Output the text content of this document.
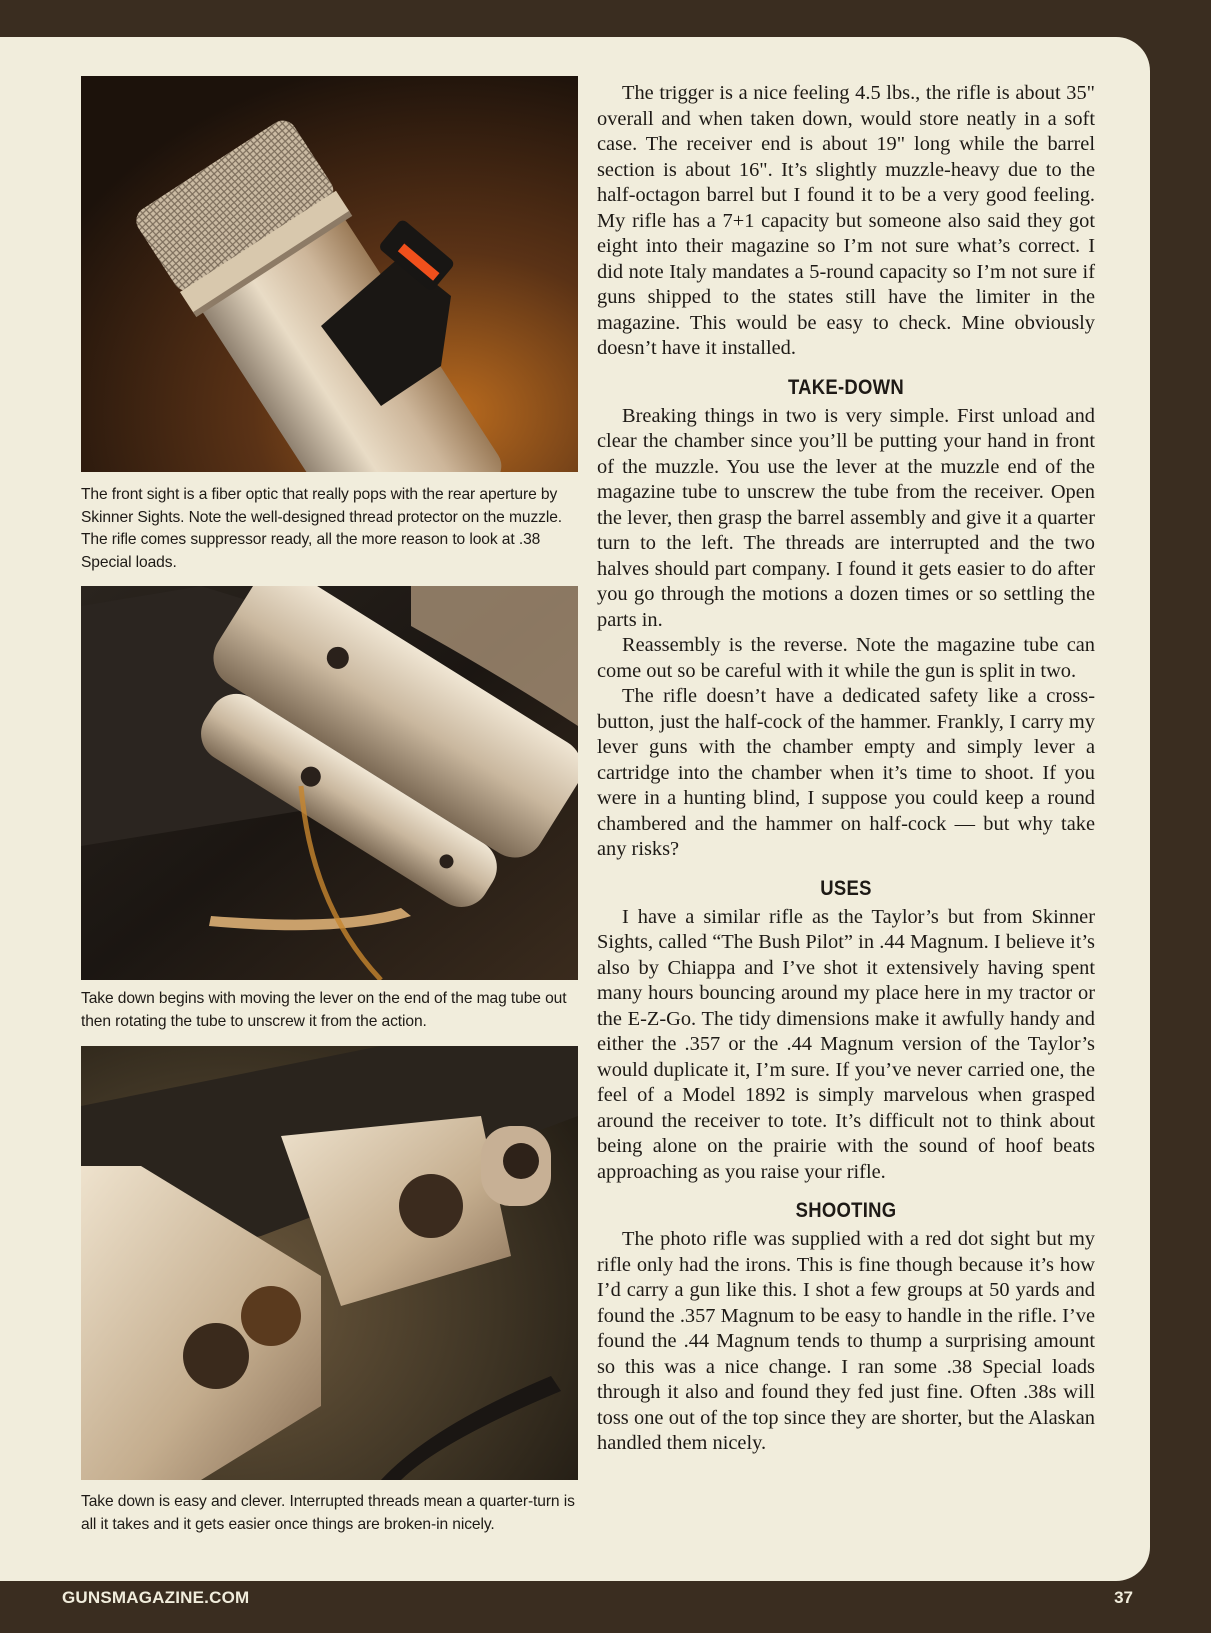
The front sight is a fiber optic that really pops with the rear aperture by Skinner Sights. Note the well-designed thread protector on the muzzle. The rifle comes suppressor ready, all the more reason to look at .38 Special loads.
Take down begins with moving the lever on the end of the mag tube out then rotating the tube to unscrew it from the action.
Take down is easy and clever. Interrupted threads mean a quarter-turn is all it takes and it gets easier once things are broken-in nicely.

The trigger is a nice feeling 4.5 lbs., the rifle is about 35" overall and when taken down, would store neatly in a soft case. The receiver end is about 19" long while the barrel section is about 16". It’s slightly muzzle-heavy due to the half-octagon barrel but I found it to be a very good feeling. My rifle has a 7+1 capacity but someone also said they got eight into their magazine so I’m not sure what’s correct. I did note Italy mandates a 5-round capacity so I’m not sure if guns shipped to the states still have the limiter in the magazine. This would be easy to check. Mine obviously doesn’t have it installed.

TAKE-DOWN

Breaking things in two is very simple. First unload and clear the chamber since you’ll be putting your hand in front of the muzzle. You use the lever at the muzzle end of the magazine tube to unscrew the tube from the receiver. Open the lever, then grasp the barrel assembly and give it a quarter turn to the left. The threads are interrupted and the two halves should part company. I found it gets easier to do after you go through the motions a dozen times or so settling the parts in.

Reassembly is the reverse. Note the magazine tube can come out so be careful with it while the gun is split in two.

The rifle doesn’t have a dedicated safety like a cross-button, just the half-cock of the hammer. Frankly, I carry my lever guns with the chamber empty and simply lever a cartridge into the chamber when it’s time to shoot. If you were in a hunting blind, I suppose you could keep a round chambered and the hammer on half-cock — but why take any risks?

USES

I have a similar rifle as the Taylor’s but from Skinner Sights, called “The Bush Pilot” in .44 Magnum. I believe it’s also by Chiappa and I’ve shot it extensively having spent many hours bouncing around my place here in my tractor or the E-Z-Go. The tidy dimensions make it awfully handy and either the .357 or the .44 Magnum version of the Taylor’s would duplicate it, I’m sure. If you’ve never carried one, the feel of a Model 1892 is simply marvelous when grasped around the receiver to tote. It’s difficult not to think about being alone on the prairie with the sound of hoof beats approaching as you raise your rifle.

SHOOTING

The photo rifle was supplied with a red dot sight but my rifle only had the irons. This is fine though because it’s how I’d carry a gun like this. I shot a few groups at 50 yards and found the .357 Magnum to be easy to handle in the rifle. I’ve found the .44 Magnum tends to thump a surprising amount so this was a nice change. I ran some .38 Special loads through it also and found they fed just fine. Often .38s will toss one out of the top since they are shorter, but the Alaskan handled them nicely.

GUNSMAGAZINE.COM	37
